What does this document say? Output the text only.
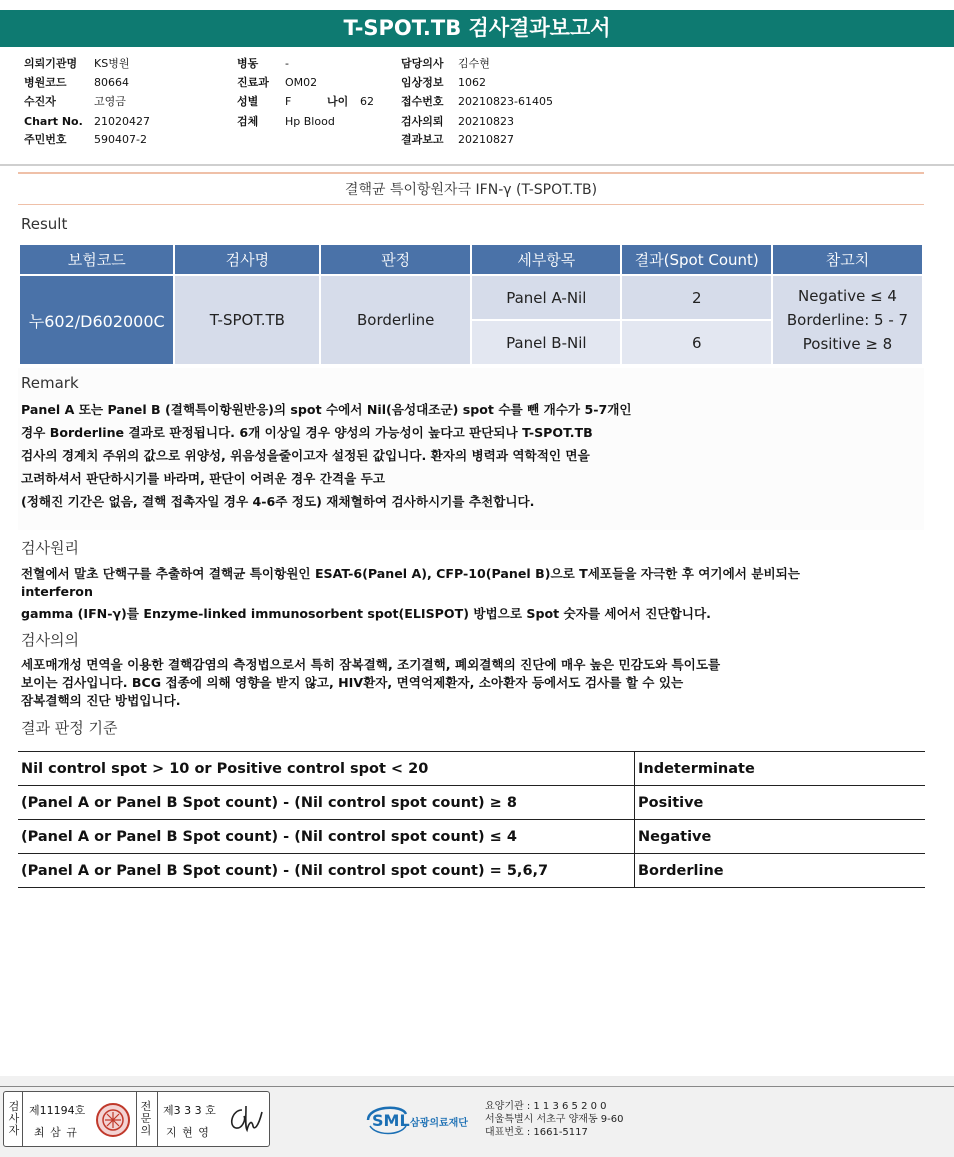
T-SPOT.TB 검사결과보고서
의뢰기관명 KS병원
병원코드 80664
수진자	고영금
Chart No. 21020427
주민번호 590407-2
병동 -
진료과 OM02
성별 F	나이 62
검체 Hp Blood
담당의사 김수현
임상정보 1062
접수번호 20210823-61405
검사의뢰 20210823
결과보고 20210827
결핵균 특이항원자극 IFN-γ (T-SPOT.TB)
Result
보험코드	검사명	판정	세부항목	결과(Spot Count)	참고치
누602/D602000C	T-SPOT.TB	Borderline	Panel A-Nil	2	Negative ≤ 4
Borderline: 5 - 7
Positive ≥ 8

			Panel B-Nil	6	
Remark
Panel A 또는 Panel B (결핵특이항원반응)의 spot 수에서 Nil(음성대조군) spot 수를 뺀 개수가 5-7개인
경우 Borderline 결과로 판정됩니다. 6개 이상일 경우 양성의 가능성이 높다고 판단되나 T-SPOT.TB
검사의 경계치 주위의 값으로 위양성, 위음성을줄이고자 설정된 값입니다. 환자의 병력과 역학적인 면을
고려하셔서 판단하시기를 바라며, 판단이 어려운 경우 간격을 두고
(정해진 기간은 없음, 결핵 접촉자일 경우 4-6주 정도) 재채혈하여 검사하시기를 추천합니다.
검사원리
전혈에서 말초 단핵구를 추출하여 결핵균 특이항원인 ESAT-6(Panel A), CFP-10(Panel B)으로 T세포들을 자극한 후 여기에서 분비되는
interferon
gamma (IFN-γ)를 Enzyme-linked immunosorbent spot(ELISPOT) 방법으로 Spot 숫자를 세어서 진단합니다.
검사의의
세포매개성 면역을 이용한 결핵감염의 측정법으로서 특히 잠복결핵, 조기결핵, 폐외결핵의 진단에 매우 높은 민감도와 특이도를
보이는 검사입니다. BCG 접종에 의해 영향을 받지 않고, HIV환자, 면역억제환자, 소아환자 등에서도 검사를 할 수 있는
잠복결핵의 진단 방법입니다.
결과 판정 기준
Nil control spot > 10 or Positive control spot < 20	Indeterminate
(Panel A or Panel B Spot count) - (Nil control spot count) ≥ 8	Positive
(Panel A or Panel B Spot count) - (Nil control spot count) ≤ 4	Negative
(Panel A or Panel B Spot count) - (Nil control spot count) = 5,6,7	Borderline
검사자
제11194호
최 삼 규
전문의
제3 3 3 호
지 현 영
SML 삼광의료재단
요양기관 : 1 1 3 6 5 2 0 0
서울특별시 서초구 양재동 9-60
대표번호 : 1661-5117
